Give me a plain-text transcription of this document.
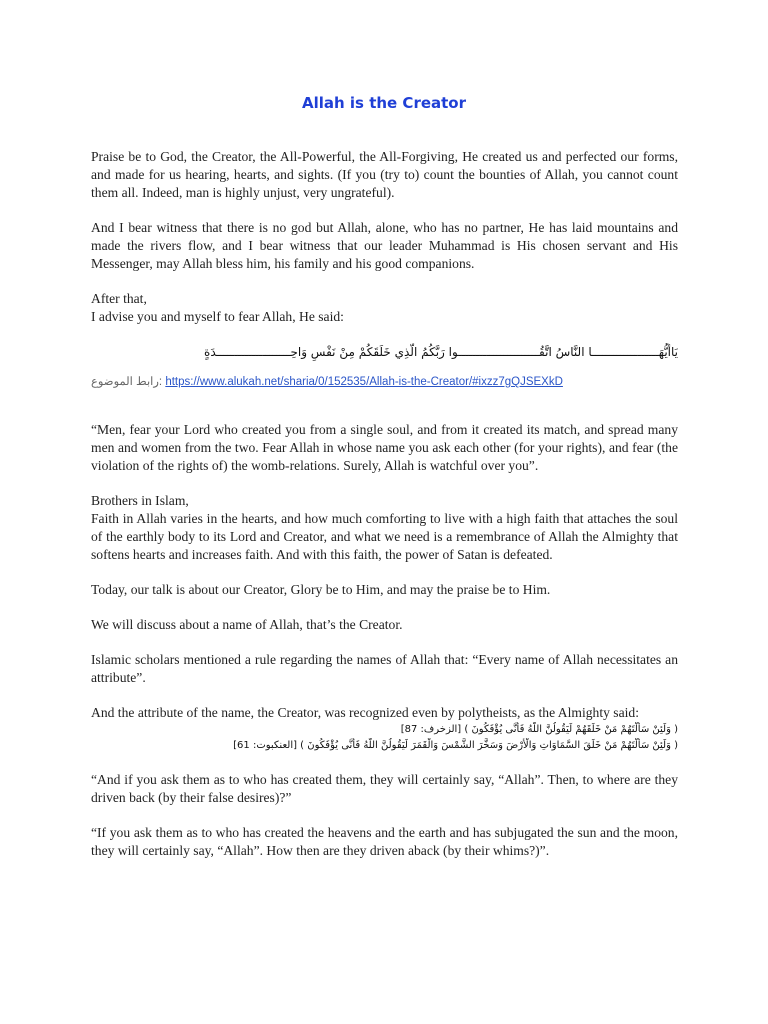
Allah is the Creator

Praise be to God, the Creator, the All-Powerful, the All-Forgiving, He created us and perfected our forms, and made for us hearing, hearts, and sights. (If you (try to) count the bounties of Allah, you cannot count them all. Indeed, man is highly unjust, very ungrateful).

And I bear witness that there is no god but Allah, alone, who has no partner, He has laid mountains and made the rivers flow, and I bear witness that our leader Muhammad is His chosen servant and His Messenger, may Allah bless him, his family and his good companions.

After that,

I advise you and myself to fear Allah, He said:

يَاأَيُّهَـــــــــــــــــــا النَّاسُ اتَّقُـــــــــــــــــــــــوا رَبَّكُمُ الَّذِي خَلَقَكُمْ مِنْ نَفْسٍ وَاحِـــــــــــــــــــــدَةٍ
رابط الموضوع: https://www.alukah.net/sharia/0/152535/Allah-is-the-Creator/#ixzz7gQJSEXkD

“Men, fear your Lord who created you from a single soul, and from it created its match, and spread many men and women from the two. Fear Allah in whose name you ask each other (for your rights), and fear (the violation of the rights of) the womb-relations. Surely, Allah is watchful over you”.

Brothers in Islam,

Faith in Allah varies in the hearts, and how much comforting to live with a high faith that attaches the soul of the earthly body to its Lord and Creator, and what we need is a remembrance of Allah the Almighty that softens hearts and increases faith. And with this faith, the power of Satan is defeated.

Today, our talk is about our Creator, Glory be to Him, and may the praise be to Him.

We will discuss about a name of Allah, that’s the Creator.

Islamic scholars mentioned a rule regarding the names of Allah that: “Every name of Allah necessitates an attribute”.

And the attribute of the name, the Creator, was recognized even by polytheists, as the Almighty said:

( وَلَئِنْ سَأَلْتَهُمْ مَنْ خَلَقَهُمْ لَيَقُولُنَّ اللَّهُ فَأَنَّى يُؤْفَكُونَ ) [الزخرف: 87]
( وَلَئِنْ سَأَلْتَهُمْ مَنْ خَلَقَ السَّمَاوَاتِ وَالْأَرْضَ وَسَخَّرَ الشَّمْسَ وَالْقَمَرَ لَيَقُولُنَّ اللَّهُ فَأَنَّى يُؤْفَكُونَ ) [العنكبوت: 61]

“And if you ask them as to who has created them, they will certainly say, “Allah”. Then, to where are they driven back (by their false desires)?”

“If you ask them as to who has created the heavens and the earth and has subjugated the sun and the moon, they will certainly say, “Allah”. How then are they driven aback (by their whims?)”.
